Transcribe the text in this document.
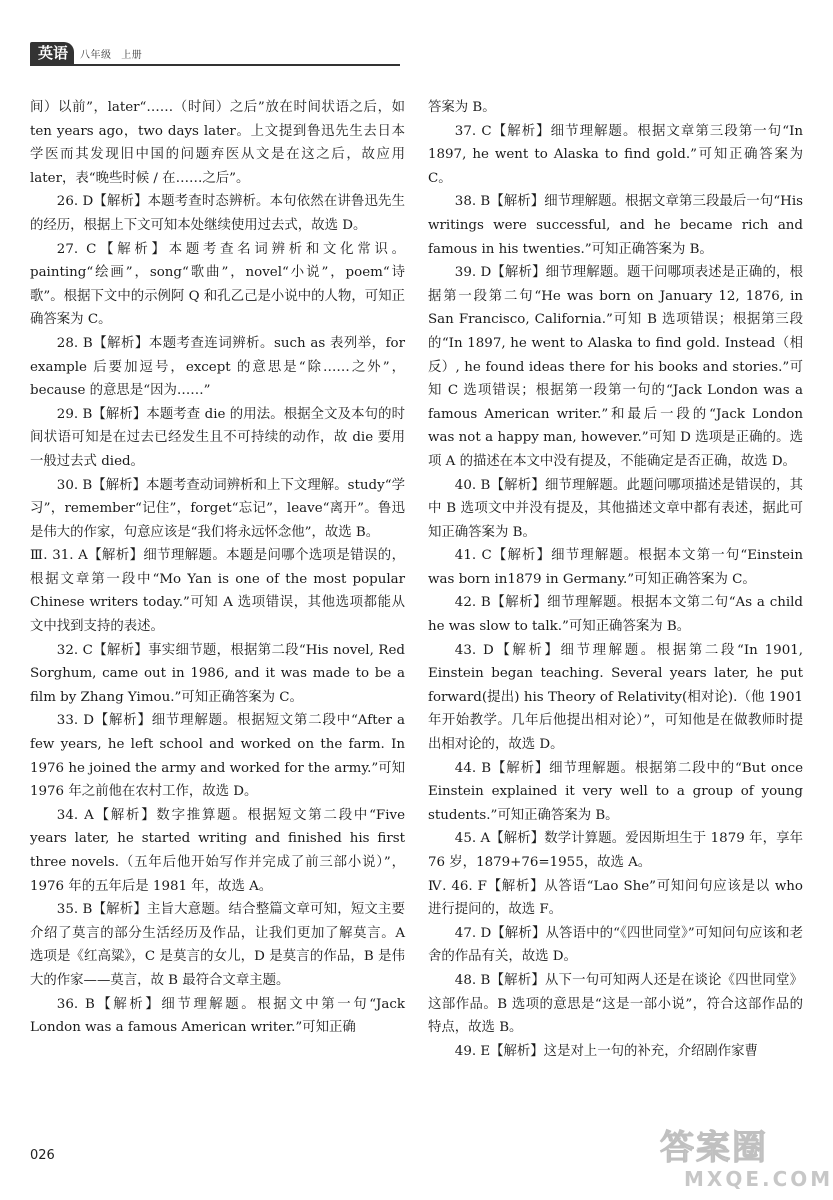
英语	八年级 上册

间）以前”，later“……（时间）之后”放在时间状语之后，如 ten years ago，two days later。上文提到鲁迅先生去日本学医而其发现旧中国的问题弃医从文是在这之后，故应用 later，表“晚些时候 / 在……之后”。

26. D【解析】本题考查时态辨析。本句依然在讲鲁迅先生的经历，根据上下文可知本处继续使用过去式，故选 D。

27. C【解析】本题考查名词辨析和文化常识。painting“绘画”，song“歌曲”，novel“小说”，poem“诗歌”。根据下文中的示例阿 Q 和孔乙己是小说中的人物，可知正确答案为 C。

28. B【解析】本题考查连词辨析。such as 表列举，for example 后要加逗号，except 的意思是“除……之外”，because 的意思是“因为……”

29. B【解析】本题考查 die 的用法。根据全文及本句的时间状语可知是在过去已经发生且不可持续的动作，故 die 要用一般过去式 died。

30. B【解析】本题考查动词辨析和上下文理解。study“学习”，remember“记住”，forget“忘记”，leave“离开”。鲁迅是伟大的作家，句意应该是“我们将永远怀念他”，故选 B。

Ⅲ. 31. A【解析】细节理解题。本题是问哪个选项是错误的，根据文章第一段中“Mo Yan is one of the most popular Chinese writers today.”可知 A 选项错误，其他选项都能从文中找到支持的表述。

32. C【解析】事实细节题，根据第二段“His novel, Red Sorghum, came out in 1986, and it was made to be a film by Zhang Yimou.”可知正确答案为 C。

33. D【解析】细节理解题。根据短文第二段中“After a few years, he left school and worked on the farm. In 1976 he joined the army and worked for the army.”可知 1976 年之前他在农村工作，故选 D。

34. A【解析】数字推算题。根据短文第二段中“Five years later, he started writing and finished his first three novels.（五年后他开始写作并完成了前三部小说）”，1976 年的五年后是 1981 年，故选 A。

35. B【解析】主旨大意题。结合整篇文章可知，短文主要介绍了莫言的部分生活经历及作品，让我们更加了解莫言。A 选项是《红高粱》，C 是莫言的女儿，D 是莫言的作品，B 是伟大的作家——莫言，故 B 最符合文章主题。

36. B【解析】细节理解题。根据文中第一句“Jack London was a famous American writer.”可知正确

答案为 B。

37. C【解析】细节理解题。根据文章第三段第一句“In 1897, he went to Alaska to find gold.”可知正确答案为 C。

38. B【解析】细节理解题。根据文章第三段最后一句“His writings were successful, and he became rich and famous in his twenties.”可知正确答案为 B。

39. D【解析】细节理解题。题干问哪项表述是正确的，根据第一段第二句“He was born on January 12, 1876, in San Francisco, California.”可知 B 选项错误；根据第三段的“In 1897, he went to Alaska to find gold. Instead（相反）, he found ideas there for his books and stories.”可知 C 选项错误；根据第一段第一句的“Jack London was a famous American writer.”和最后一段的“Jack London was not a happy man, however.”可知 D 选项是正确的。选项 A 的描述在本文中没有提及，不能确定是否正确，故选 D。

40. B【解析】细节理解题。此题问哪项描述是错误的，其中 B 选项文中并没有提及，其他描述文章中都有表述，据此可知正确答案为 B。

41. C【解析】细节理解题。根据本文第一句“Einstein was born in1879 in Germany.”可知正确答案为 C。

42. B【解析】细节理解题。根据本文第二句“As a child he was slow to talk.”可知正确答案为 B。

43. D【解析】细节理解题。根据第二段“In 1901, Einstein began teaching. Several years later, he put forward(提出) his Theory of Relativity(相对论).（他 1901 年开始教学。几年后他提出相对论）”，可知他是在做教师时提出相对论的，故选 D。

44. B【解析】细节理解题。根据第二段中的“But once Einstein explained it very well to a group of young students.”可知正确答案为 B。

45. A【解析】数学计算题。爱因斯坦生于 1879 年，享年 76 岁，1879+76=1955，故选 A。

Ⅳ. 46. F【解析】从答语“Lao She”可知问句应该是以 who 进行提问的，故选 F。

47. D【解析】从答语中的“《四世同堂》”可知问句应该和老舍的作品有关，故选 D。

48. B【解析】从下一句可知两人还是在谈论《四世同堂》这部作品。B 选项的意思是“这是一部小说”，符合这部作品的特点，故选 B。

49. E【解析】这是对上一句的补充，介绍剧作家曹

026	答案圈
MXQE.COM
